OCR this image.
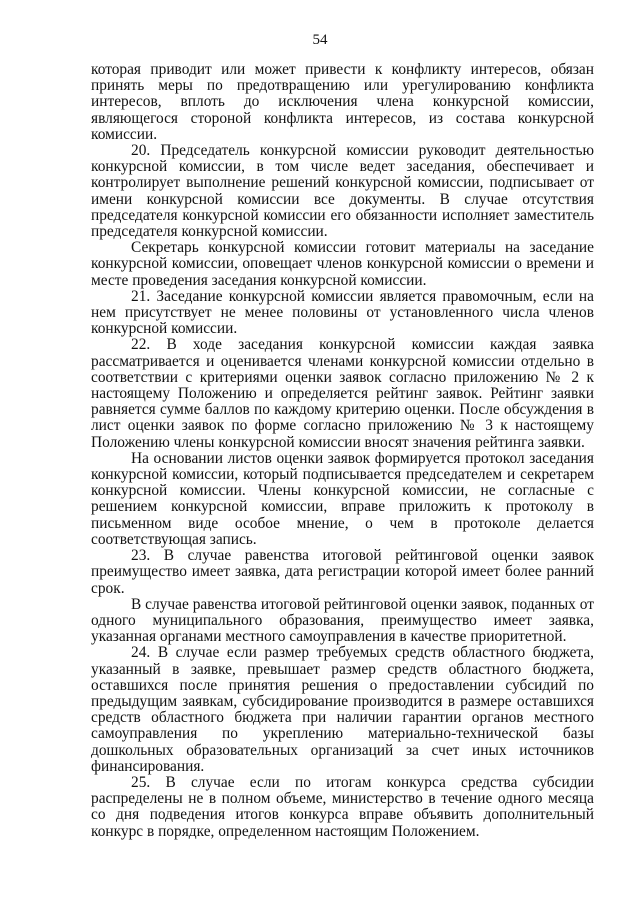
54

которая приводит или может привести к конфликту интересов, обязан принять меры по предотвращению или урегулированию конфликта интересов, вплоть до исключения члена конкурсной комиссии, являющегося стороной конфликта интересов, из состава конкурсной комиссии.

20. Председатель конкурсной комиссии руководит деятельностью конкурсной комиссии, в том числе ведет заседания, обеспечивает и контролирует выполнение решений конкурсной комиссии, подписывает от имени конкурсной комиссии все документы. В случае отсутствия председателя конкурсной комиссии его обязанности исполняет заместитель председателя конкурсной комиссии.

Секретарь конкурсной комиссии готовит материалы на заседание конкурсной комиссии, оповещает членов конкурсной комиссии о времени и месте проведения заседания конкурсной комиссии.

21. Заседание конкурсной комиссии является правомочным, если на нем присутствует не менее половины от установленного числа членов конкурсной комиссии.

22. В ходе заседания конкурсной комиссии каждая заявка рассматривается и оценивается членами конкурсной комиссии отдельно в соответствии с критериями оценки заявок согласно приложению № 2 к настоящему Положению и определяется рейтинг заявок. Рейтинг заявки равняется сумме баллов по каждому критерию оценки. После обсуждения в лист оценки заявок по форме согласно приложению № 3 к настоящему Положению члены конкурсной комиссии вносят значения рейтинга заявки.

На основании листов оценки заявок формируется протокол заседания конкурсной комиссии, который подписывается председателем и секретарем конкурсной комиссии. Члены конкурсной комиссии, не согласные с решением конкурсной комиссии, вправе приложить к протоколу в письменном виде особое мнение, о чем в протоколе делается соответствующая запись.

23. В случае равенства итоговой рейтинговой оценки заявок преимущество имеет заявка, дата регистрации которой имеет более ранний срок.

В случае равенства итоговой рейтинговой оценки заявок, поданных от одного муниципального образования, преимущество имеет заявка, указанная органами местного самоуправления в качестве приоритетной.

24. В случае если размер требуемых средств областного бюджета, указанный в заявке, превышает размер средств областного бюджета, оставшихся после принятия решения о предоставлении субсидий по предыдущим заявкам, субсидирование производится в размере оставшихся средств областного бюджета при наличии гарантии органов местного самоуправления по укреплению материально-технической базы дошкольных образовательных организаций за счет иных источников финансирования.

25. В случае если по итогам конкурса средства субсидии распределены не в полном объеме, министерство в течение одного месяца со дня подведения итогов конкурса вправе объявить дополнительный конкурс в порядке, определенном настоящим Положением.
